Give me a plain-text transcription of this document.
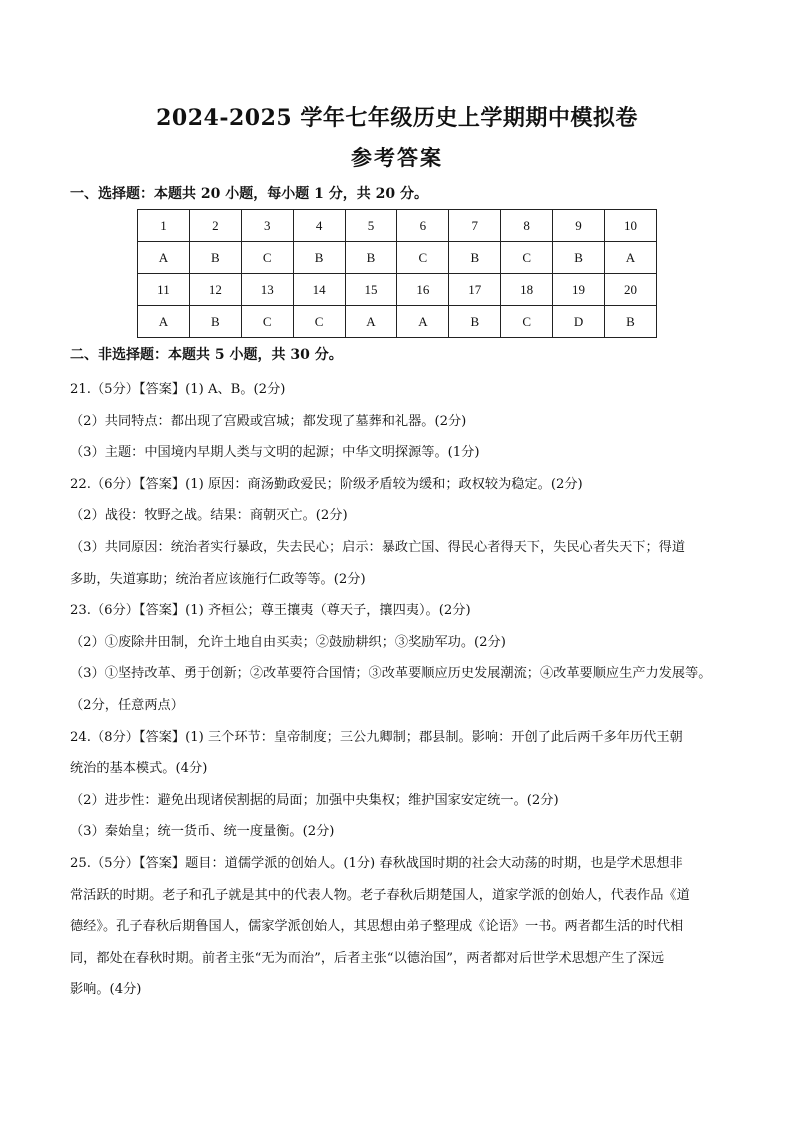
2024-2025 学年七年级历史上学期期中模拟卷
参考答案

一、选择题：本题共 20 小题，每小题 1 分，共 20 分。

1	2	3	4	5	6	7	8	9	10
A	B	C	B	B	C	B	C	B	A
11	12	13	14	15	16	17	18	19	20
A	B	C	C	A	A	B	C	D	B

二、非选择题：本题共 5 小题，共 30 分。

21.（5分）【答案】(1) A、B。(2分)

（2）共同特点：都出现了宫殿或宫城；都发现了墓葬和礼器。(2分)

（3）主题：中国境内早期人类与文明的起源；中华文明探源等。(1分)

22.（6分）【答案】(1) 原因：商汤勤政爱民；阶级矛盾较为缓和；政权较为稳定。(2分)

（2）战役：牧野之战。结果：商朝灭亡。(2分)

（3）共同原因：统治者实行暴政，失去民心；启示：暴政亡国、得民心者得天下，失民心者失天下；得道

多助，失道寡助；统治者应该施行仁政等等。(2分)

23.（6分）【答案】(1) 齐桓公；尊王攘夷（尊天子，攘四夷）。(2分)

（2）①废除井田制，允许土地自由买卖；②鼓励耕织；③奖励军功。(2分)

（3）①坚持改革、勇于创新；②改革要符合国情；③改革要顺应历史发展潮流；④改革要顺应生产力发展等。

（2分，任意两点）

24.（8分）【答案】(1) 三个环节：皇帝制度；三公九卿制；郡县制。影响：开创了此后两千多年历代王朝

统治的基本模式。(4分)

（2）进步性：避免出现诸侯割据的局面；加强中央集权；维护国家安定统一。(2分)

（3）秦始皇；统一货币、统一度量衡。(2分)

25.（5分）【答案】题目：道儒学派的创始人。(1分) 春秋战国时期的社会大动荡的时期，也是学术思想非

常活跃的时期。老子和孔子就是其中的代表人物。老子春秋后期楚国人，道家学派的创始人，代表作品《道

德经》。孔子春秋后期鲁国人，儒家学派创始人，其思想由弟子整理成《论语》一书。两者都生活的时代相

同，都处在春秋时期。前者主张“无为而治”，后者主张“以德治国”，两者都对后世学术思想产生了深远

影响。(4分)
